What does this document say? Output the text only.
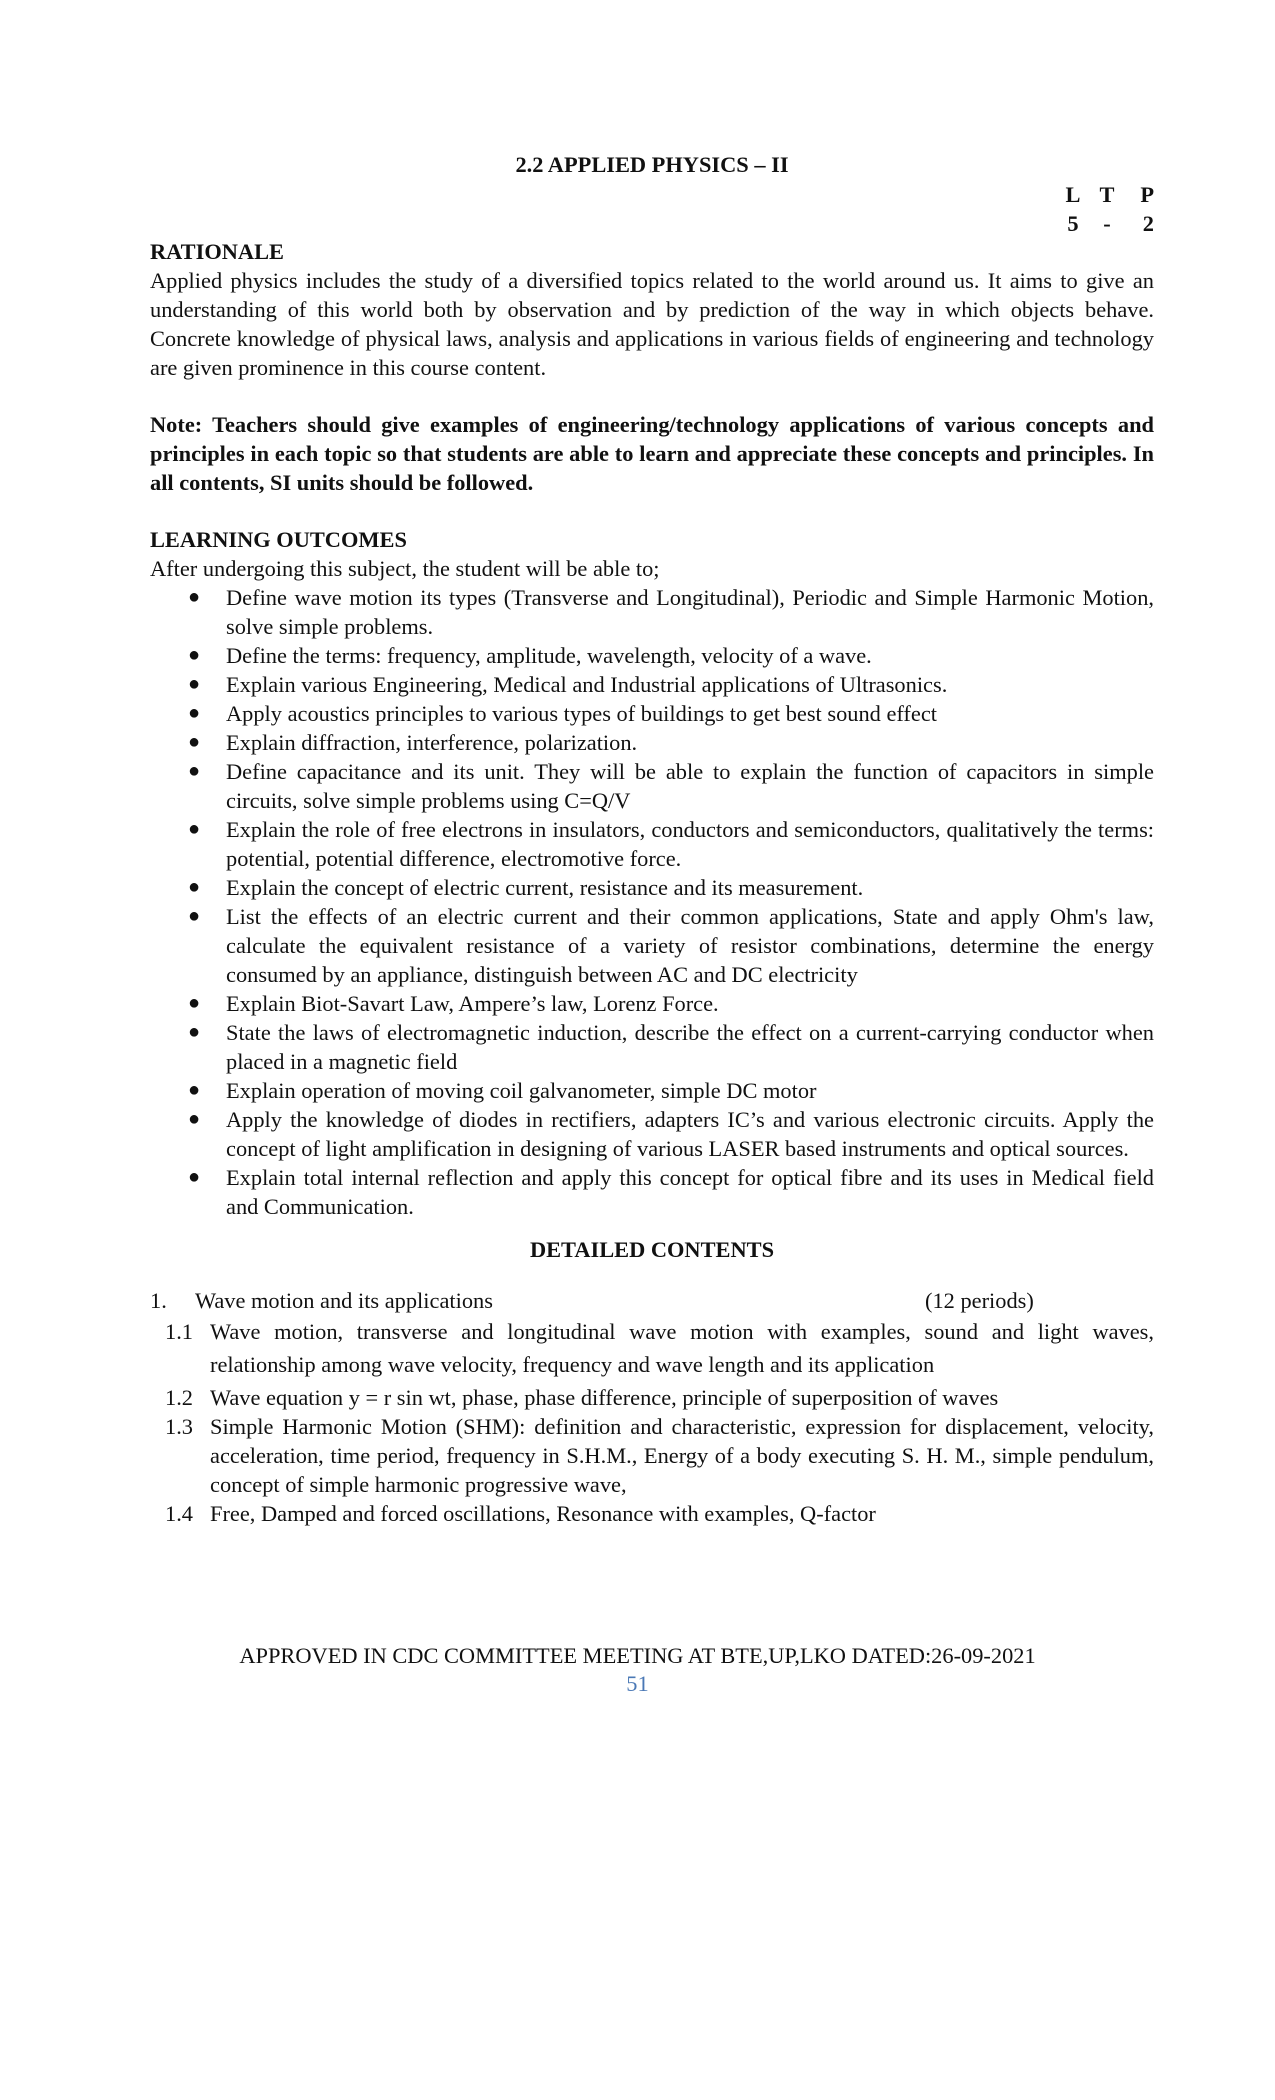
2.2 APPLIED PHYSICS – II
L T P
5 - 2
RATIONALE

Applied physics includes the study of a diversified topics related to the world around us. It aims to give an understanding of this world both by observation and by prediction of the way in which objects behave. Concrete knowledge of physical laws, analysis and applications in various fields of engineering and technology are given prominence in this course content.

Note: Teachers should give examples of engineering/technology applications of various concepts and principles in each topic so that students are able to learn and appreciate these concepts and principles. In all contents, SI units should be followed.

LEARNING OUTCOMES
After undergoing this subject, the student will be able to;
● Define wave motion its types (Transverse and Longitudinal), Periodic and Simple Harmonic Motion, solve simple problems.
● Define the terms: frequency, amplitude, wavelength, velocity of a wave.
● Explain various Engineering, Medical and Industrial applications of Ultrasonics.
● Apply acoustics principles to various types of buildings to get best sound effect
● Explain diffraction, interference, polarization.
● Define capacitance and its unit. They will be able to explain the function of capacitors in simple circuits, solve simple problems using C=Q/V
● Explain the role of free electrons in insulators, conductors and semiconductors, qualitatively the terms: potential, potential difference, electromotive force.
● Explain the concept of electric current, resistance and its measurement.
● List the effects of an electric current and their common applications, State and apply Ohm's law, calculate the equivalent resistance of a variety of resistor combinations, determine the energy consumed by an appliance, distinguish between AC and DC electricity
● Explain Biot-Savart Law, Ampere’s law, Lorenz Force.
● State the laws of electromagnetic induction, describe the effect on a current-carrying conductor when placed in a magnetic field
● Explain operation of moving coil galvanometer, simple DC motor
● Apply the knowledge of diodes in rectifiers, adapters IC’s and various electronic circuits. Apply the concept of light amplification in designing of various LASER based instruments and optical sources.
● Explain total internal reflection and apply this concept for optical fibre and its uses in Medical field and Communication.
DETAILED CONTENTS
1. Wave motion and its applications	(12 periods)
1.1 Wave motion, transverse and longitudinal wave motion with examples, sound and light waves, relationship among wave velocity, frequency and wave length and its application
1.2 Wave equation y = r sin wt, phase, phase difference, principle of superposition of waves
1.3 Simple Harmonic Motion (SHM): definition and characteristic, expression for displacement, velocity, acceleration, time period, frequency in S.H.M., Energy of a body executing S. H. M., simple pendulum, concept of simple harmonic progressive wave,
1.4 Free, Damped and forced oscillations, Resonance with examples, Q-factor
APPROVED IN CDC COMMITTEE MEETING AT BTE,UP,LKO DATED:26-09-2021
51
